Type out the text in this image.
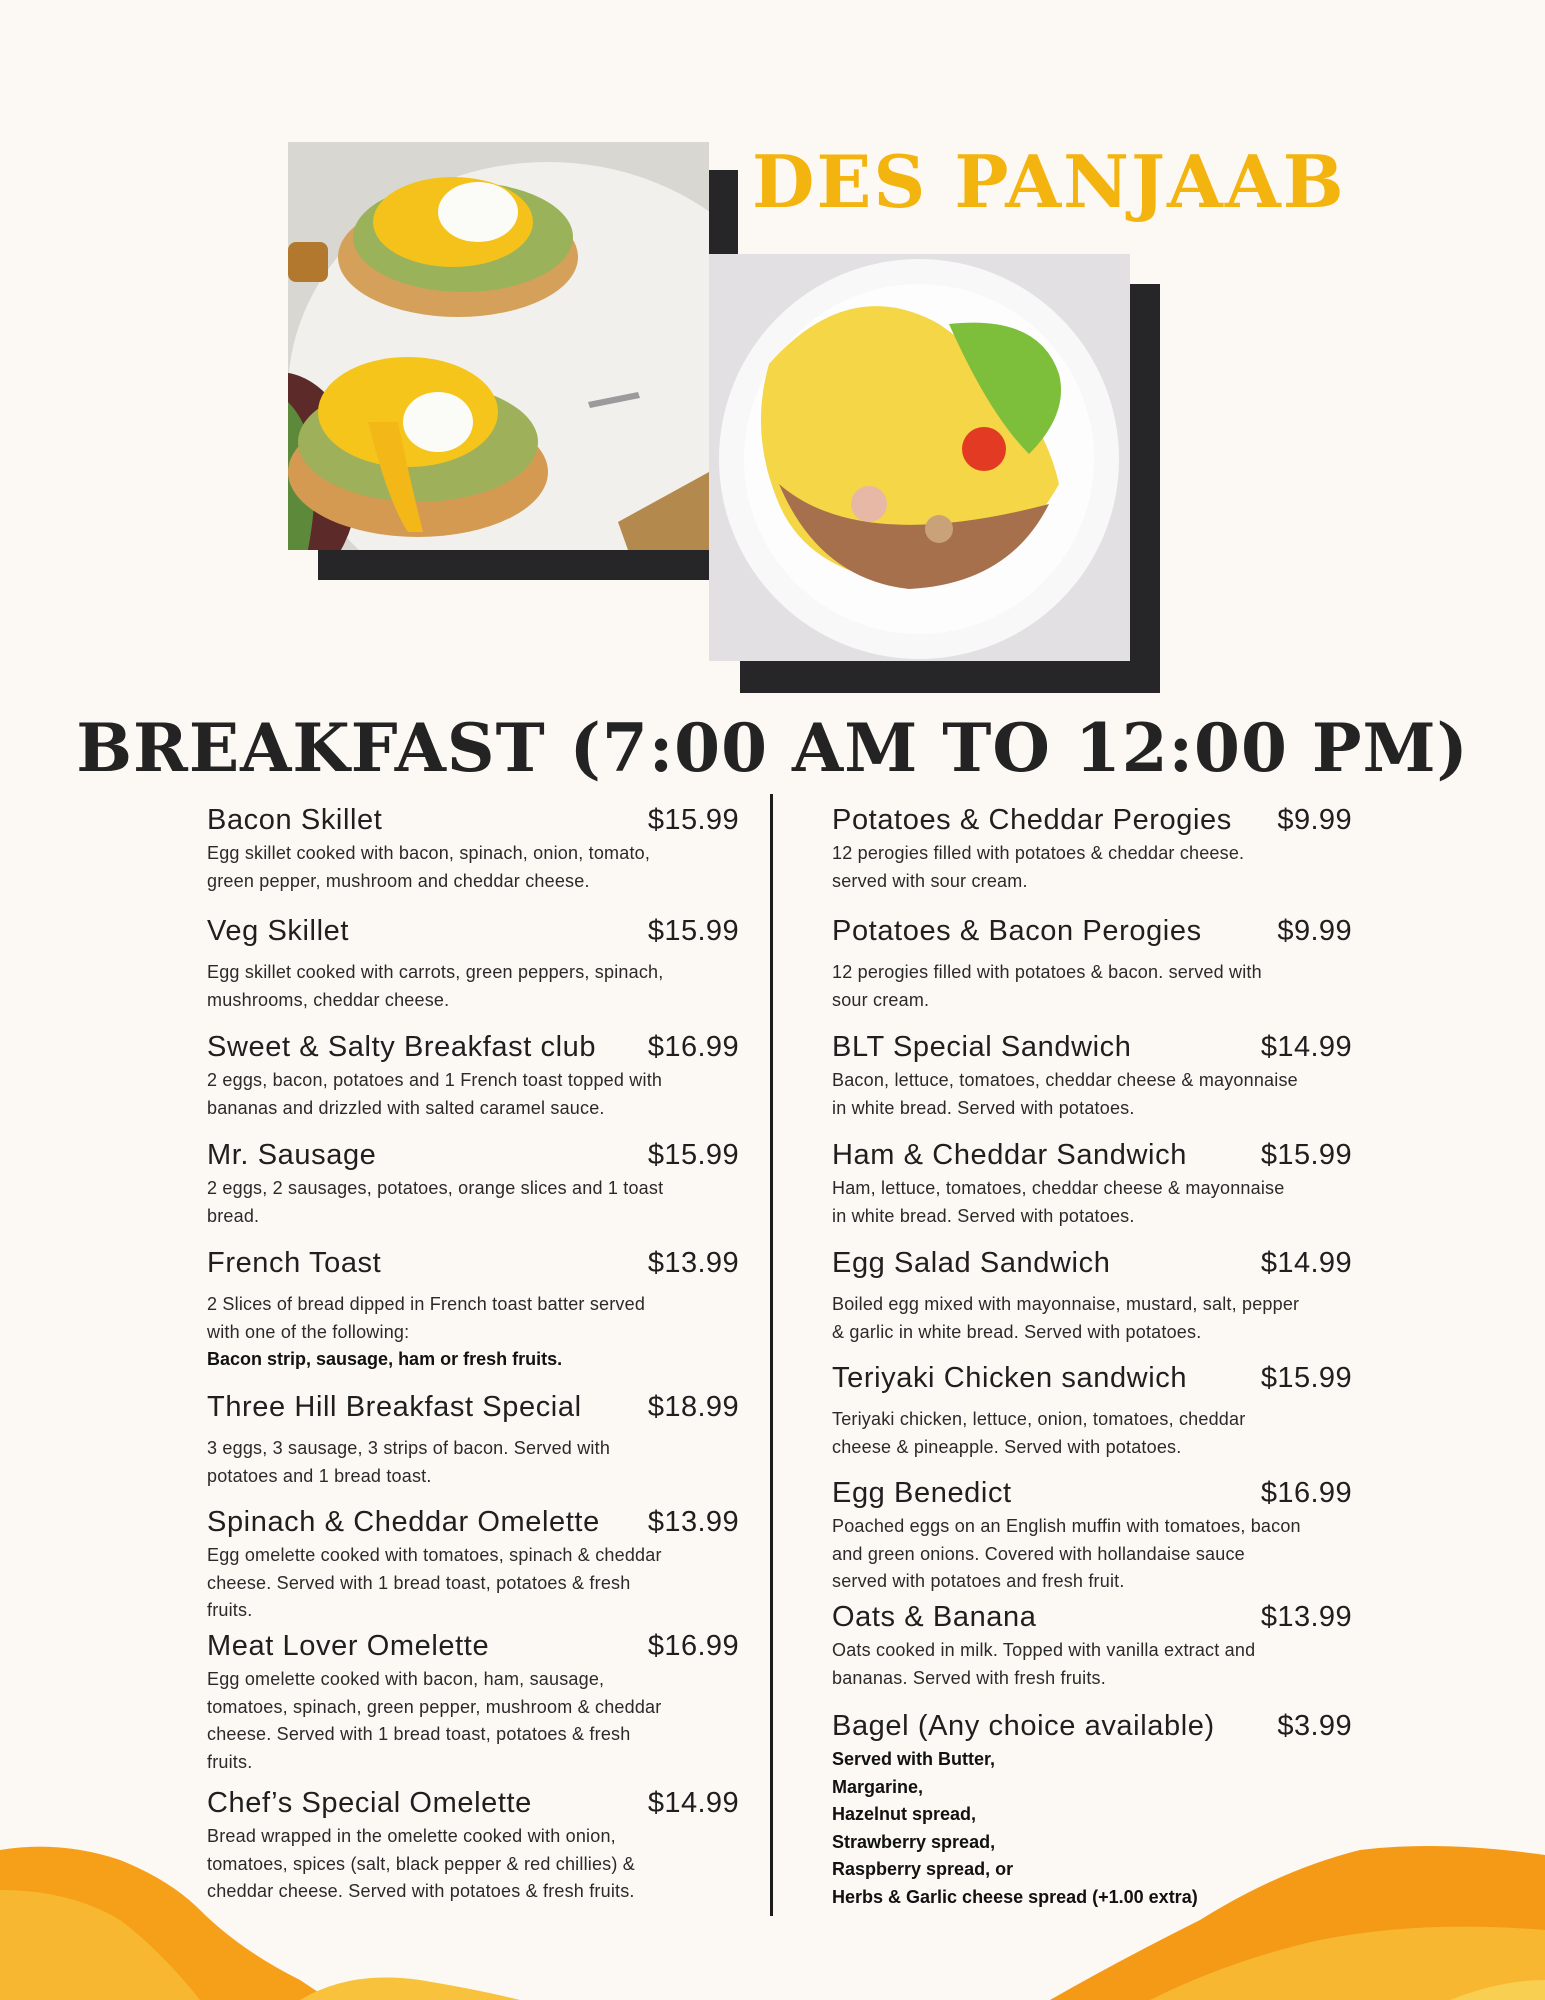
DES PANJAAB
BREAKFAST (7:00 AM TO 12:00 PM)
Bacon Skillet	$15.99
Egg skillet cooked with bacon, spinach, onion, tomato,
green pepper, mushroom and cheddar cheese.
Veg Skillet	$15.99
Egg skillet cooked with carrots, green peppers, spinach,
mushrooms, cheddar cheese.
Sweet & Salty Breakfast club $16.99
2 eggs, bacon, potatoes and 1 French toast topped with
bananas and drizzled with salted caramel sauce.
Mr. Sausage	$15.99
2 eggs, 2 sausages, potatoes, orange slices and 1 toast
bread.
French Toast	$13.99
2 Slices of bread dipped in French toast batter served
with one of the following:
Bacon strip, sausage, ham or fresh fruits.
Three Hill Breakfast Special $18.99
3 eggs, 3 sausage, 3 strips of bacon. Served with
potatoes and 1 bread toast.
Spinach & Cheddar Omelette $13.99
Egg omelette cooked with tomatoes, spinach & cheddar
cheese. Served with 1 bread toast, potatoes & fresh
fruits.
Meat Lover Omelette	$16.99
Egg omelette cooked with bacon, ham, sausage,
tomatoes, spinach, green pepper, mushroom & cheddar
cheese. Served with 1 bread toast, potatoes & fresh
fruits.
Chef’s Special Omelette	$14.99
Bread wrapped in the omelette cooked with onion,
tomatoes, spices (salt, black pepper & red chillies) &
cheddar cheese. Served with potatoes & fresh fruits.
Potatoes & Cheddar Perogies $9.99
12 perogies filled with potatoes & cheddar cheese.
served with sour cream.
Potatoes & Bacon Perogies	$9.99
12 perogies filled with potatoes & bacon. served with
sour cream.
BLT Special Sandwich	$14.99
Bacon, lettuce, tomatoes, cheddar cheese & mayonnaise
in white bread. Served with potatoes.
Ham & Cheddar Sandwich	$15.99
Ham, lettuce, tomatoes, cheddar cheese & mayonnaise
in white bread. Served with potatoes.
Egg Salad Sandwich	$14.99
Boiled egg mixed with mayonnaise, mustard, salt, pepper
& garlic in white bread. Served with potatoes.
Teriyaki Chicken sandwich	$15.99
Teriyaki chicken, lettuce, onion, tomatoes, cheddar
cheese & pineapple. Served with potatoes.
Egg Benedict	$16.99
Poached eggs on an English muffin with tomatoes, bacon
and green onions. Covered with hollandaise sauce
served with potatoes and fresh fruit.
Oats & Banana	$13.99
Oats cooked in milk. Topped with vanilla extract and
bananas. Served with fresh fruits.
Bagel (Any choice available) $3.99
Served with Butter,
Margarine,
Hazelnut spread,
Strawberry spread,
Raspberry spread, or
Herbs & Garlic cheese spread (+1.00 extra)
